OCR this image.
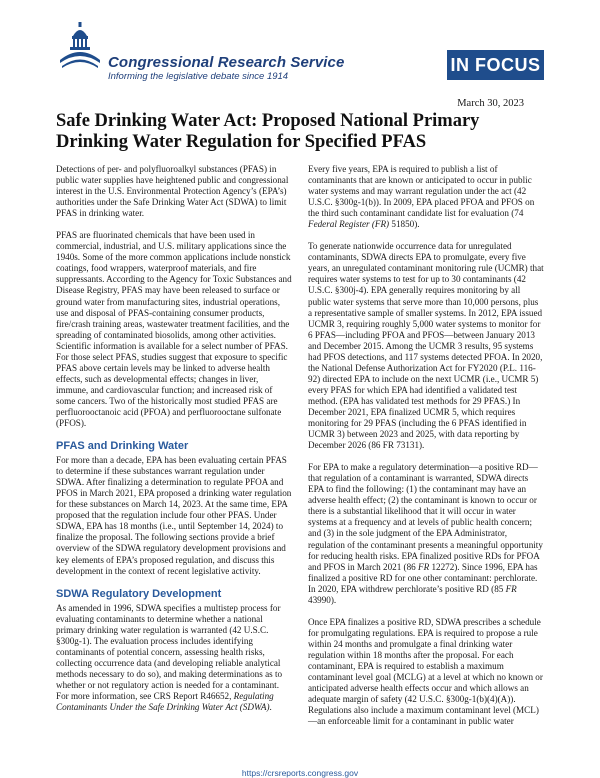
Congressional Research Service
Informing the legislative debate since 1914
IN FOCUS
March 30, 2023
Safe Drinking Water Act: Proposed National Primary Drinking Water Regulation for Specified PFAS

Detections of per- and polyfluoroalkyl substances (PFAS) in public water supplies have heightened public and congressional interest in the U.S. Environmental Protection Agency’s (EPA’s) authorities under the Safe Drinking Water Act (SDWA) to limit PFAS in drinking water.

PFAS are fluorinated chemicals that have been used in commercial, industrial, and U.S. military applications since the 1940s. Some of the more common applications include nonstick coatings, food wrappers, waterproof materials, and fire suppressants. According to the Agency for Toxic Substances and Disease Registry, PFAS may have been released to surface or ground water from manufacturing sites, industrial operations, use and disposal of PFAS-containing consumer products, fire/crash training areas, wastewater treatment facilities, and the spreading of contaminated biosolids, among other activities. Scientific information is available for a select number of PFAS. For those select PFAS, studies suggest that exposure to specific PFAS above certain levels may be linked to adverse health effects, such as developmental effects; changes in liver, immune, and cardiovascular function; and increased risk of some cancers. Two of the historically most studied PFAS are perfluorooctanoic acid (PFOA) and perfluorooctane sulfonate (PFOS).

PFAS and Drinking Water

For more than a decade, EPA has been evaluating certain PFAS to determine if these substances warrant regulation under SDWA. After finalizing a determination to regulate PFOA and PFOS in March 2021, EPA proposed a drinking water regulation for these substances on March 14, 2023. At the same time, EPA proposed that the regulation include four other PFAS. Under SDWA, EPA has 18 months (i.e., until September 14, 2024) to finalize the proposal. The following sections provide a brief overview of the SDWA regulatory development provisions and key elements of EPA’s proposed regulation, and discuss this development in the context of recent legislative activity.

SDWA Regulatory Development

As amended in 1996, SDWA specifies a multistep process for evaluating contaminants to determine whether a national primary drinking water regulation is warranted (42 U.S.C. §300g-1). The evaluation process includes identifying contaminants of potential concern, assessing health risks, collecting occurrence data (and developing reliable analytical methods necessary to do so), and making determinations as to whether or not regulatory action is needed for a contaminant. For more information, see CRS Report R46652, Regulating Contaminants Under the Safe Drinking Water Act (SDWA).

Every five years, EPA is required to publish a list of contaminants that are known or anticipated to occur in public water systems and may warrant regulation under the act (42 U.S.C. §300g-1(b)). In 2009, EPA placed PFOA and PFOS on the third such contaminant candidate list for evaluation (74 Federal Register (FR) 51850).

To generate nationwide occurrence data for unregulated contaminants, SDWA directs EPA to promulgate, every five years, an unregulated contaminant monitoring rule (UCMR) that requires water systems to test for up to 30 contaminants (42 U.S.C. §300j-4). EPA generally requires monitoring by all public water systems that serve more than 10,000 persons, plus a representative sample of smaller systems. In 2012, EPA issued UCMR 3, requiring roughly 5,000 water systems to monitor for 6 PFAS—including PFOA and PFOS—between January 2013 and December 2015. Among the UCMR 3 results, 95 systems had PFOS detections, and 117 systems detected PFOA. In 2020, the National Defense Authorization Act for FY2020 (P.L. 116-92) directed EPA to include on the next UCMR (i.e., UCMR 5) every PFAS for which EPA had identified a validated test method. (EPA has validated test methods for 29 PFAS.) In December 2021, EPA finalized UCMR 5, which requires monitoring for 29 PFAS (including the 6 PFAS identified in UCMR 3) between 2023 and 2025, with data reporting by December 2026 (86 FR 73131).

For EPA to make a regulatory determination—a positive RD—that regulation of a contaminant is warranted, SDWA directs EPA to find the following: (1) the contaminant may have an adverse health effect; (2) the contaminant is known to occur or there is a substantial likelihood that it will occur in water systems at a frequency and at levels of public health concern; and (3) in the sole judgment of the EPA Administrator, regulation of the contaminant presents a meaningful opportunity for reducing health risks. EPA finalized positive RDs for PFOA and PFOS in March 2021 (86 FR 12272). Since 1996, EPA has finalized a positive RD for one other contaminant: perchlorate. In 2020, EPA withdrew perchlorate’s positive RD (85 FR 43990).

Once EPA finalizes a positive RD, SDWA prescribes a schedule for promulgating regulations. EPA is required to propose a rule within 24 months and promulgate a final drinking water regulation within 18 months after the proposal. For each contaminant, EPA is required to establish a maximum contaminant level goal (MCLG) at a level at which no known or anticipated adverse health effects occur and which allows an adequate margin of safety (42 U.S.C. §300g-1(b)(4)(A)). Regulations also include a maximum contaminant level (MCL)—an enforceable limit for a contaminant in public water

https://crsreports.congress.gov
